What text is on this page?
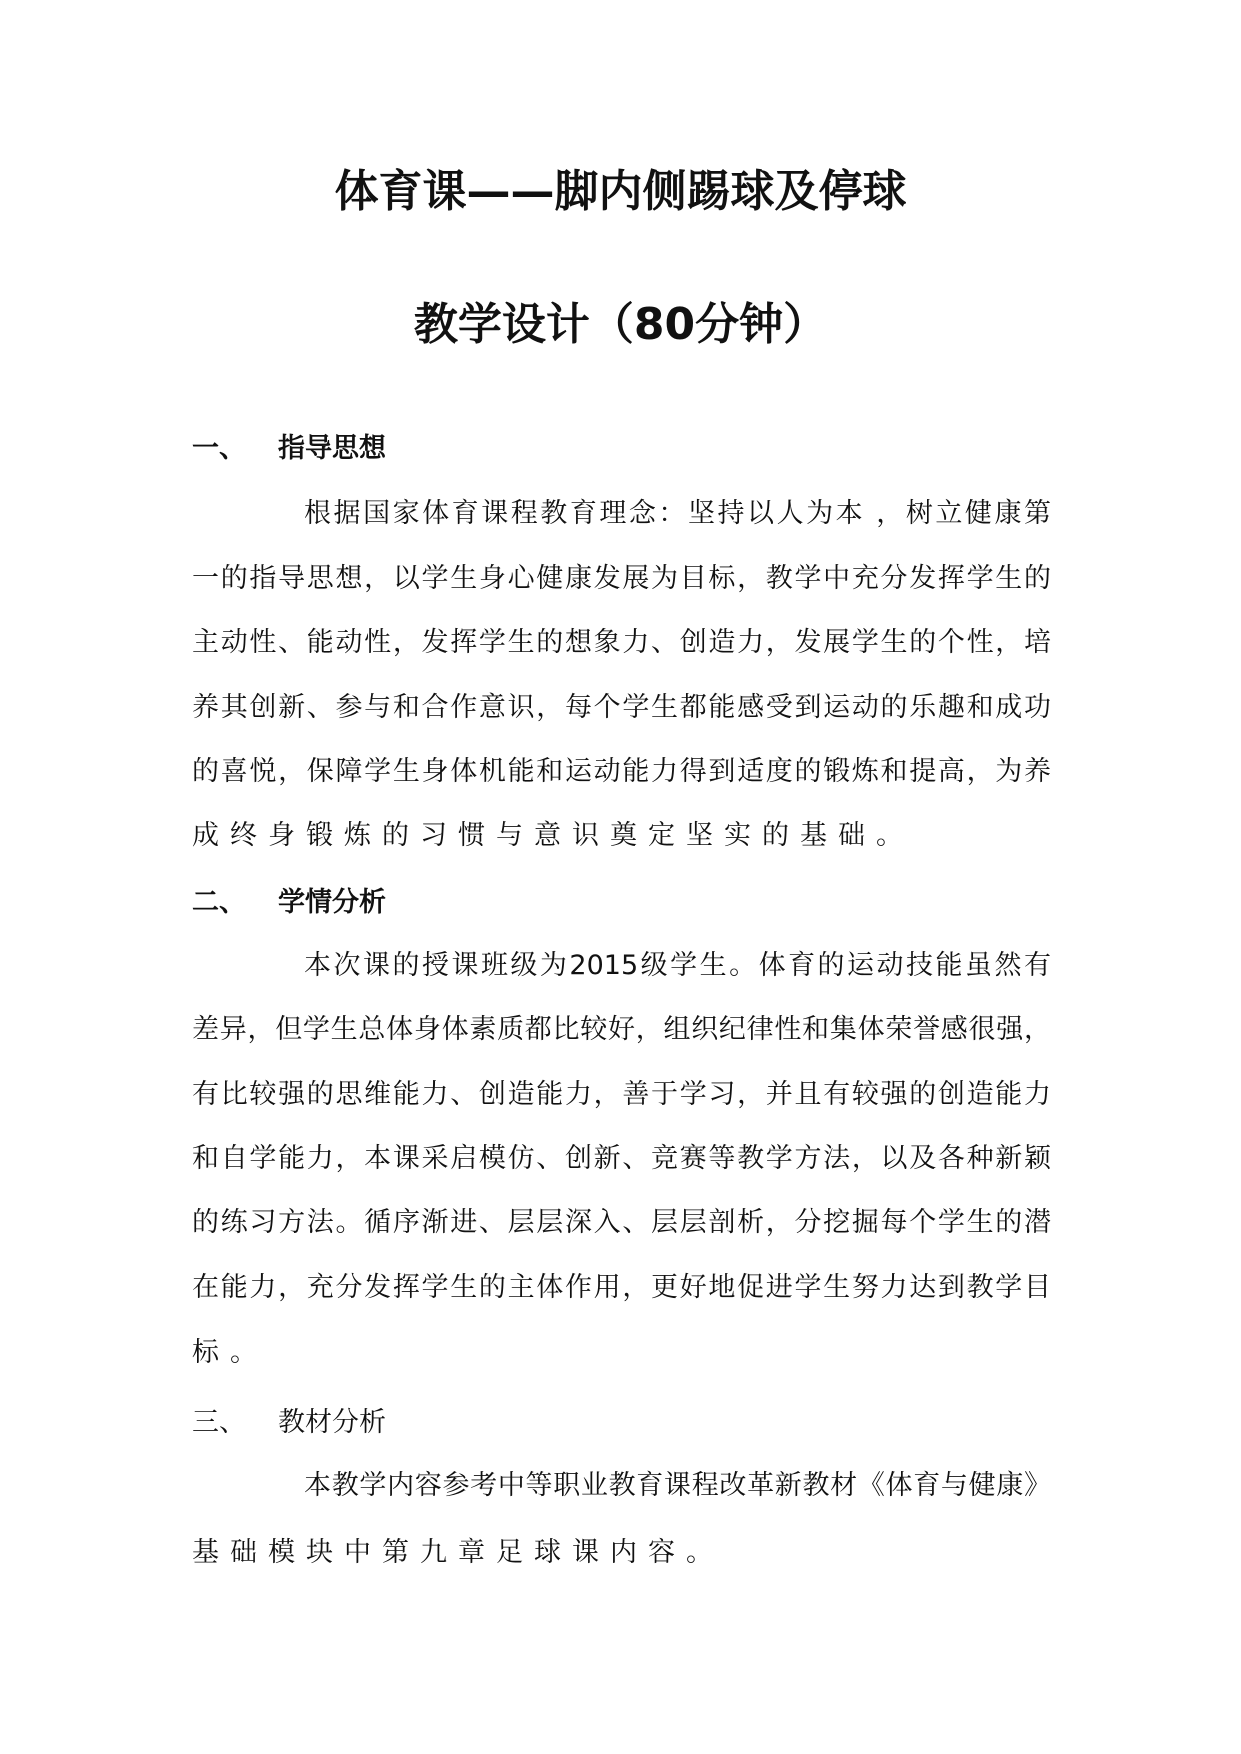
体育课——脚内侧踢球及停球
教学设计（80分钟）
一、 指导思想
根据国家体育课程教育理念：坚持以人为本 ，树立健康第
一的指导思想，以学生身心健康发展为目标，教学中充分发挥学生的
主动性、能动性，发挥学生的想象力、创造力，发展学生的个性，培
养其创新、参与和合作意识，每个学生都能感受到运动的乐趣和成功
的喜悦，保障学生身体机能和运动能力得到适度的锻炼和提高，为养
成终身锻炼的习惯与意识奠定坚实的基础。
二、 学情分析
本次课的授课班级为2015级学生。体育的运动技能虽然有
差异，但学生总体身体素质都比较好，组织纪律性和集体荣誉感很强，
有比较强的思维能力、创造能力，善于学习，并且有较强的创造能力
和自学能力，本课采启模仿、创新、竞赛等教学方法，以及各种新颖
的练习方法。循序渐进、层层深入、层层剖析，分挖掘每个学生的潜
在能力，充分发挥学生的主体作用，更好地促进学生努力达到教学目
标。
三、 教材分析
本教学内容参考中等职业教育课程改革新教材《体育与健康》
基础模块中第九章足球课内容。
